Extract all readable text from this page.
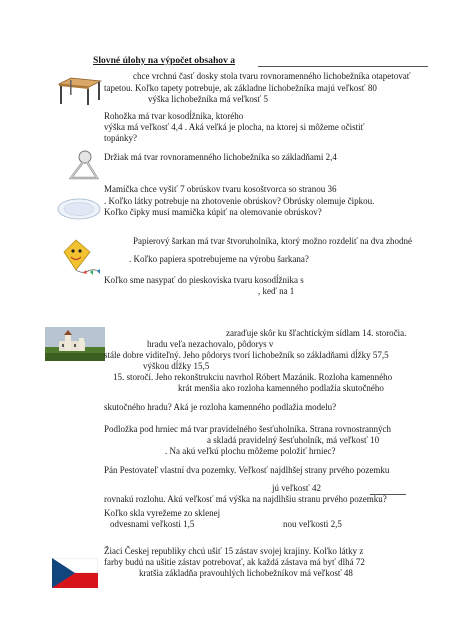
Slovné úlohy na výpočet obsahov a
chce vrchnú časť dosky stola tvaru rovnoramenného lichobežníka otapetovať
tapetou. Koľko tapety potrebuje, ak základne lichobežníka majú veľkosť 80
výška lichobežníka má veľkosť 5
Rohožka má tvar kosodĺžnika, ktorého
výška má veľkosť 4,4 . Aká veľká je plocha, na ktorej si môžeme očistiť
topánky?
Držiak má tvar rovnoramenného lichobežníka so základňami 2,4
Mamička chce vyšiť 7 obrúskov tvaru kosoštvorca so stranou 36
. Koľko látky potrebuje na zhotovenie obrúskov? Obrúsky olemuje čipkou.
Koľko čipky musí mamička kúpiť na olemovanie obrúskov?
Papierový šarkan má tvar štvoruholníka, ktorý možno rozdeliť na dva zhodné
. Koľko papiera spotrebujeme na výrobu šarkana?
Koľko sme nasypať do pieskoviska tvaru kosodĺžnika s
, keď na 1
zaraďuje skôr ku šľachtickým sídlam 14. storočia.
hradu veľa nezachovalo, pôdorys v
stále dobre viditeľný. Jeho pôdorys tvorí lichobežník so základňami dĺžky 57,5
výškou dĺžky 15,5
15. storočí. Jeho rekonštrukciu navrhol Róbert Mazánik. Rozloha kamenného
krát menšia ako rozloha kamenného podlažia skutočného
skutočného hradu? Aká je rozloha kamenného podlažia modelu?
Podložka pod hrniec má tvar pravidelného šesťuholníka. Strana rovnostranných
a skladá pravidelný šesťuholník, má veľkosť 10
. Na akú veľkú plochu môžeme položiť hrniec?
Pán Pestovateľ vlastní dva pozemky. Veľkosť najdlhšej strany prvého pozemku
jú veľkosť 42
rovnakú rozlohu. Akú veľkosť má výška na najdlhšiu stranu prvého pozemku?
Koľko skla vyrežeme zo sklenej
odvesnami veľkosti 1,5	nou veľkosti 2,5
Žiaci Českej republiky chcú ušiť 15 zástav svojej krajiny. Koľko látky z
farby budú na ušitie zástav potrebovať, ak každá zástava má byť dlhá 72
kratšia základňa pravouhlých lichobežníkov má veľkosť 48
